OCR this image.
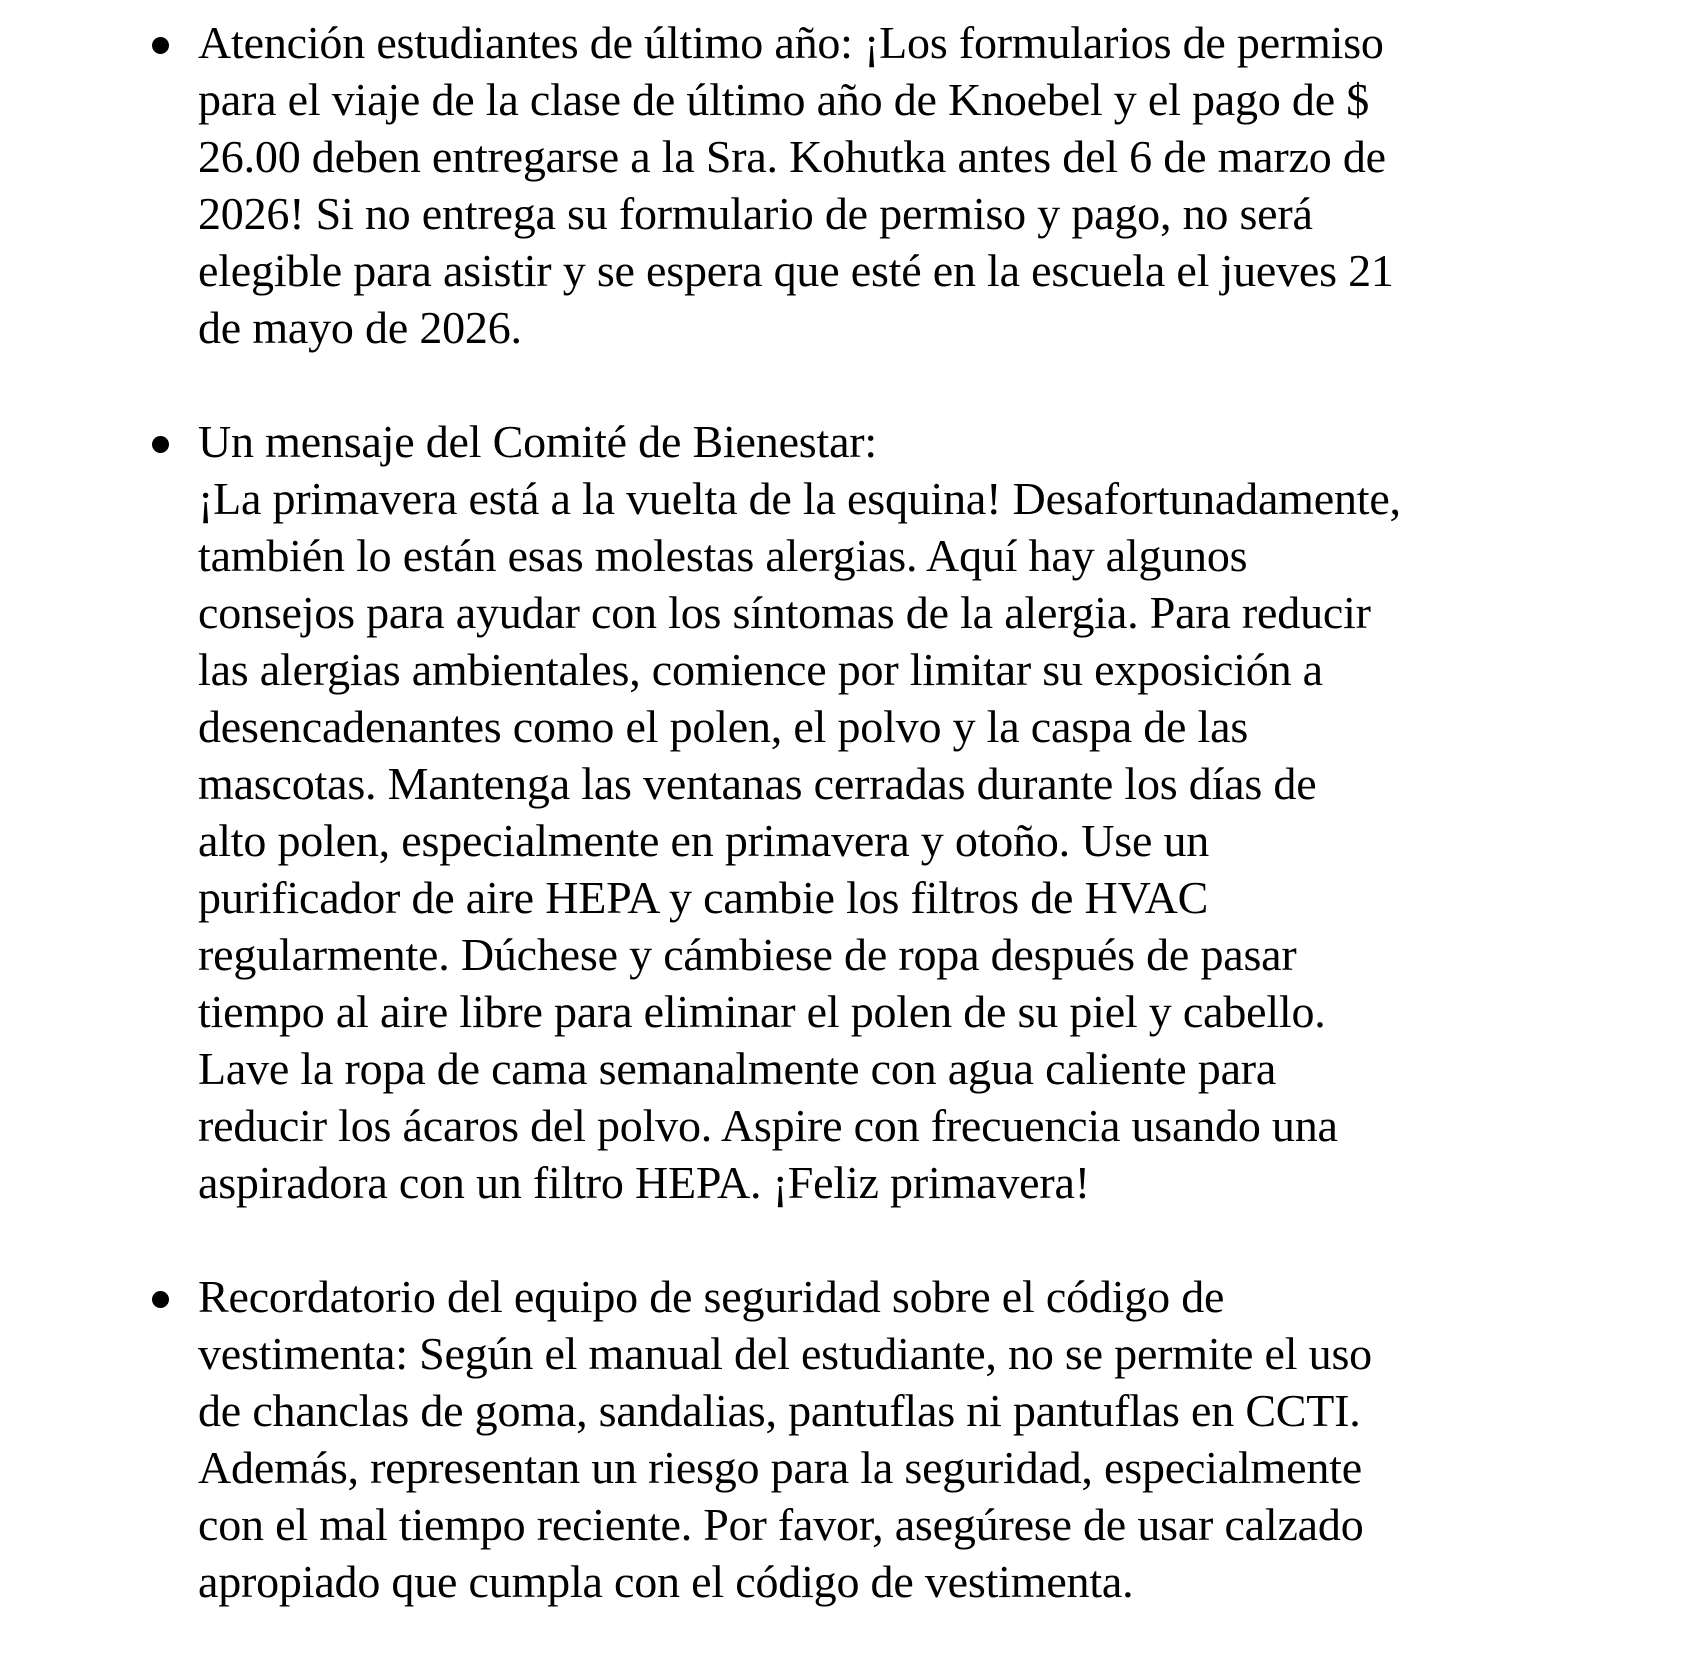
Atención estudiantes de último año: ¡Los formularios de permiso
para el viaje de la clase de último año de Knoebel y el pago de $
26.00 deben entregarse a la Sra. Kohutka antes del 6 de marzo de
2026! Si no entrega su formulario de permiso y pago, no será
elegible para asistir y se espera que esté en la escuela el jueves 21
de mayo de 2026.
Un mensaje del Comité de Bienestar:
¡La primavera está a la vuelta de la esquina! Desafortunadamente,
también lo están esas molestas alergias. Aquí hay algunos
consejos para ayudar con los síntomas de la alergia. Para reducir
las alergias ambientales, comience por limitar su exposición a
desencadenantes como el polen, el polvo y la caspa de las
mascotas. Mantenga las ventanas cerradas durante los días de
alto polen, especialmente en primavera y otoño. Use un
purificador de aire HEPA y cambie los filtros de HVAC
regularmente. Dúchese y cámbiese de ropa después de pasar
tiempo al aire libre para eliminar el polen de su piel y cabello.
Lave la ropa de cama semanalmente con agua caliente para
reducir los ácaros del polvo. Aspire con frecuencia usando una
aspiradora con un filtro HEPA. ¡Feliz primavera!
Recordatorio del equipo de seguridad sobre el código de
vestimenta: Según el manual del estudiante, no se permite el uso
de chanclas de goma, sandalias, pantuflas ni pantuflas en CCTI.
Además, representan un riesgo para la seguridad, especialmente
con el mal tiempo reciente. Por favor, asegúrese de usar calzado
apropiado que cumpla con el código de vestimenta.
